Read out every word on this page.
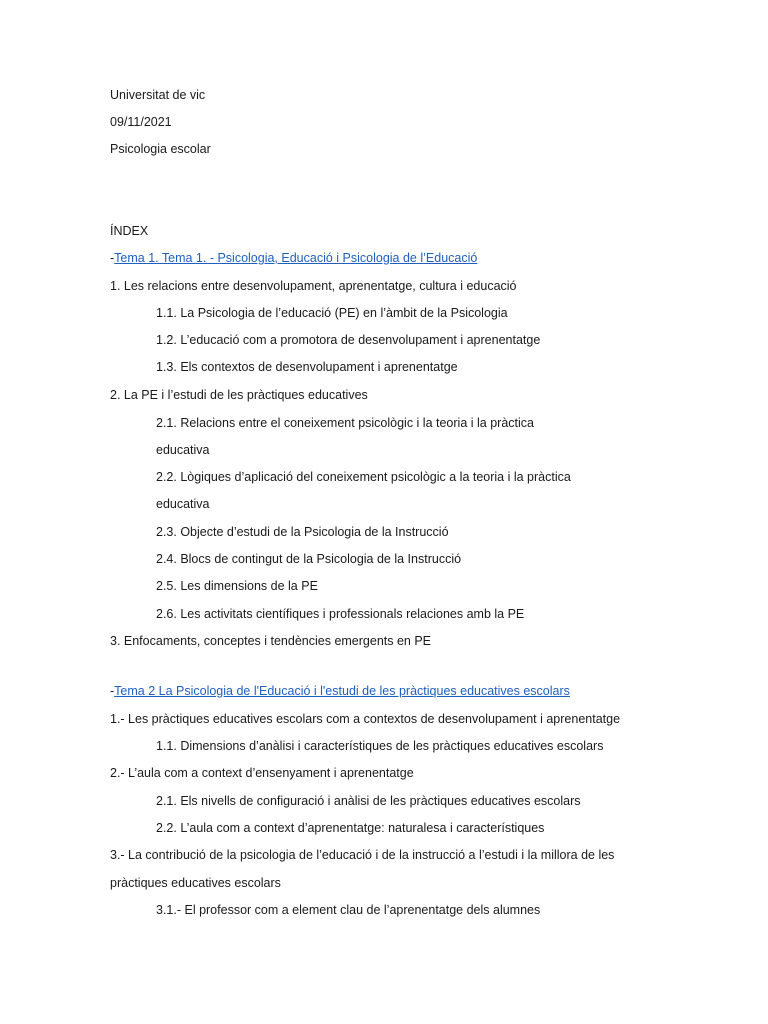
Universitat de vic
09/11/2021
Psicologia escolar
ÍNDEX
-Tema 1. Tema 1. - Psicologia, Educació i Psicologia de l’Educació
1. Les relacions entre desenvolupament, aprenentatge, cultura i educació
1.1. La Psicologia de l’educació (PE) en l’àmbit de la Psicologia
1.2. L’educació com a promotora de desenvolupament i aprenentatge
1.3. Els contextos de desenvolupament i aprenentatge
2. La PE i l’estudi de les pràctiques educatives
2.1. Relacions entre el coneixement psicològic i la teoria i la pràctica
educativa
2.2. Lògiques d’aplicació del coneixement psicològic a la teoria i la pràctica
educativa
2.3. Objecte d’estudi de la Psicologia de la Instrucció
2.4. Blocs de contingut de la Psicologia de la Instrucció
2.5. Les dimensions de la PE
2.6. Les activitats científiques i professionals relaciones amb la PE
3. Enfocaments, conceptes i tendències emergents en PE
-Tema 2 La Psicologia de l'Educació i l'estudi de les pràctiques educatives escolars
1.- Les pràctiques educatives escolars com a contextos de desenvolupament i aprenentatge
1.1. Dimensions d’anàlisi i característiques de les pràctiques educatives escolars
2.- L’aula com a context d’ensenyament i aprenentatge
2.1. Els nivells de configuració i anàlisi de les pràctiques educatives escolars
2.2. L’aula com a context d’aprenentatge: naturalesa i característiques
3.- La contribució de la psicologia de l’educació i de la instrucció a l’estudi i la millora de les
pràctiques educatives escolars
3.1.- El professor com a element clau de l’aprenentatge dels alumnes
